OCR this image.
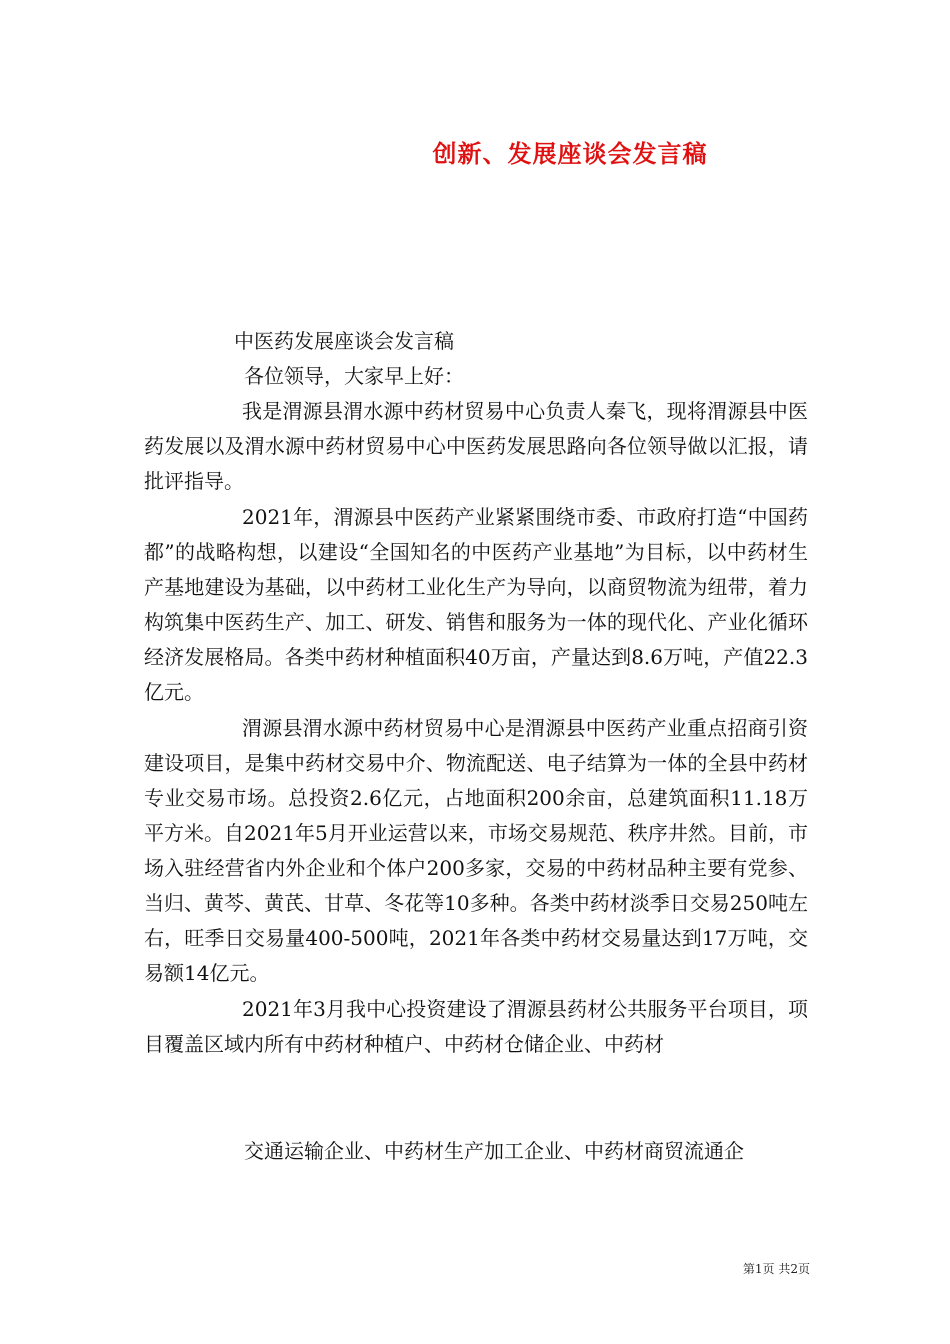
创新、发展座谈会发言稿

中医药发展座谈会发言稿

各位领导，大家早上好：

我是渭源县渭水源中药材贸易中心负责人秦飞，现将渭源县中医药发展以及渭水源中药材贸易中心中医药发展思路向各位领导做以汇报，请批评指导。

2021年，渭源县中医药产业紧紧围绕市委、市政府打造“中国药都”的战略构想，以建设“全国知名的中医药产业基地”为目标，以中药材生产基地建设为基础，以中药材工业化生产为导向，以商贸物流为纽带，着力构筑集中医药生产、加工、研发、销售和服务为一体的现代化、产业化循环经济发展格局。各类中药材种植面积40万亩，产量达到8.6万吨，产值22.3亿元。

渭源县渭水源中药材贸易中心是渭源县中医药产业重点招商引资建设项目，是集中药材交易中介、物流配送、电子结算为一体的全县中药材专业交易市场。总投资2.6亿元，占地面积200余亩，总建筑面积11.18万平方米。自2021年5月开业运营以来，市场交易规范、秩序井然。目前，市场入驻经营省内外企业和个体户200多家，交易的中药材品种主要有党参、当归、黄芩、黄芪、甘草、冬花等10多种。各类中药材淡季日交易250吨左右，旺季日交易量400-500吨，2021年各类中药材交易量达到17万吨，交易额14亿元。

2021年3月我中心投资建设了渭源县药材公共服务平台项目，项目覆盖区域内所有中药材种植户、中药材仓储企业、中药材

交通运输企业、中药材生产加工企业、中药材商贸流通企
第1页 共2页
